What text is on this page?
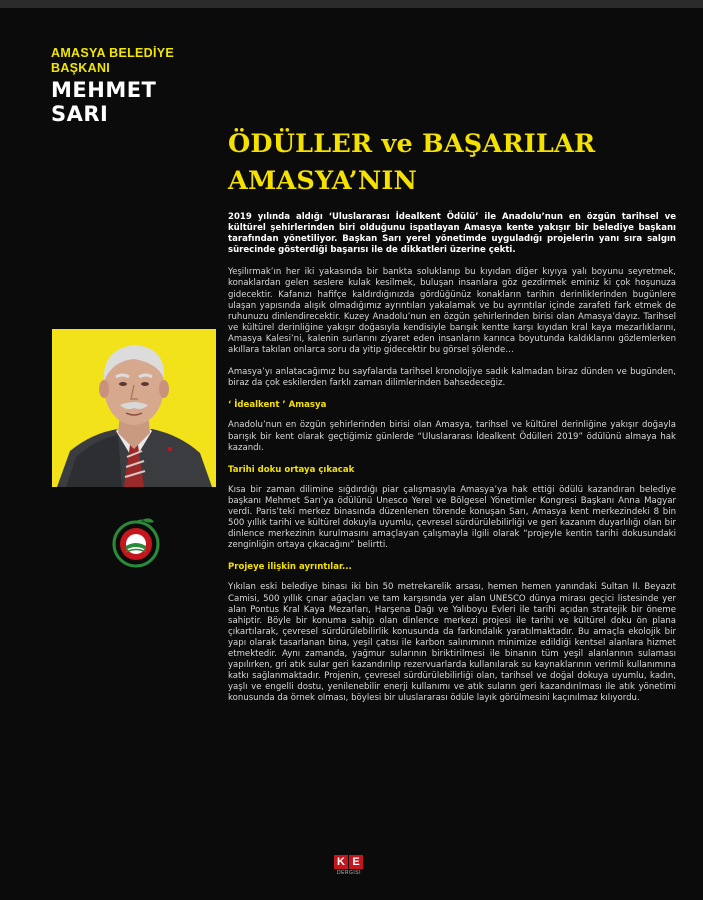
AMASYA BELEDİYE BAŞKANI
MEHMET
SARI
ÖDÜLLER ve BAŞARILAR
AMASYA’NIN

2019 yılında aldığı ‘Uluslararası İdealkent Ödülü’ ile Anadolu’nun en özgün tarihsel ve kültürel şehirlerinden biri olduğunu ispatlayan Amasya kente yakışır bir belediye başkanı tarafından yönetiliyor. Başkan Sarı yerel yönetimde uyguladığı projelerin yanı sıra salgın sürecinde gösterdiği başarısı ile de dikkatleri üzerine çekti.

Yeşilırmak’ın her iki yakasında bir bankta soluklanıp bu kıyıdan diğer kıyıya yalı boyunu seyretmek, konaklardan gelen seslere kulak kesilmek, buluşan insanlara göz gezdirmek eminiz ki çok hoşunuza gidecektir. Kafanızı hafifçe kaldırdığınızda gördüğünüz konakların tarihin derinliklerinden bugünlere ulaşan yapısında alışık olmadığımız ayrıntıları yakalamak ve bu ayrıntılar içinde zarafeti fark etmek de ruhunuzu dinlendirecektir. Kuzey Anadolu’nun en özgün şehirlerinden birisi olan Amasya’dayız. Tarihsel ve kültürel derinliğine yakışır doğasıyla kendisiyle barışık kentte karşı kıyıdan kral kaya mezarlıklarını, Amasya Kalesi’ni, kalenin surlarını ziyaret eden insanların karınca boyutunda kaldıklarını gözlemlerken akıllara takılan onlarca soru da yitip gidecektir bu görsel şölende…

Amasya’yı anlatacağımız bu sayfalarda tarihsel kronolojiye sadık kalmadan biraz dünden ve bugünden, biraz da çok eskilerden farklı zaman dilimlerinden bahsedeceğiz.

‘ İdealkent ’ Amasya

Anadolu’nun en özgün şehirlerinden birisi olan Amasya, tarihsel ve kültürel derinliğine yakışır doğayla barışık bir kent olarak geçtiğimiz günlerde “Uluslararası İdealkent Ödülleri 2019” ödülünü almaya hak kazandı.

Tarihi doku ortaya çıkacak

Kısa bir zaman dilimine sığdırdığı piar çalışmasıyla Amasya’ya hak ettiği ödülü kazandıran belediye başkanı Mehmet Sarı’ya ödülünü Unesco Yerel ve Bölgesel Yönetimler Kongresi Başkanı Anna Magyar verdi. Paris’teki merkez binasında düzenlenen törende konuşan Sarı, Amasya kent merkezindeki 8 bin 500 yıllık tarihi ve kültürel dokuyla uyumlu, çevresel sürdürülebilirliği ve geri kazanım duyarlılığı olan bir dinlence merkezinin kurulmasını amaçlayan çalışmayla ilgili olarak “projeyle kentin tarihi dokusundaki zenginliğin ortaya çıkacağını” belirtti.

Projeye ilişkin ayrıntılar...

Yıkılan eski belediye binası iki bin 50 metrekarelik arsası, hemen hemen yanındaki Sultan II. Beyazıt Camisi, 500 yıllık çınar ağaçları ve tam karşısında yer alan UNESCO dünya mirası geçici listesinde yer alan Pontus Kral Kaya Mezarları, Harşena Dağı ve Yalıboyu Evleri ile tarihi açıdan stratejik bir öneme sahiptir. Böyle bir konuma sahip olan dinlence merkezi projesi ile tarihi ve kültürel doku ön plana çıkartılarak, çevresel sürdürülebilirlik konusunda da farkındalık yaratılmaktadır. Bu amaçla ekolojik bir yapı olarak tasarlanan bina, yeşil çatısı ile karbon salınımının minimize edildiği kentsel alanlara hizmet etmektedir. Aynı zamanda, yağmur sularının biriktirilmesi ile binanın tüm yeşil alanlarının sulaması yapılırken, gri atık sular geri kazandırılıp rezervuarlarda kullanılarak su kaynaklarının verimli kullanımına katkı sağlanmaktadır. Projenin, çevresel sürdürülebilirliği olan, tarihsel ve doğal dokuya uyumlu, kadın, yaşlı ve engelli dostu, yenilenebilir enerji kullanımı ve atık suların geri kazandırılması ile atık yönetimi konusunda da örnek olması, böylesi bir uluslararası ödüle layık görülmesini kaçınılmaz kılıyordu.

K E
DERGİSİ
